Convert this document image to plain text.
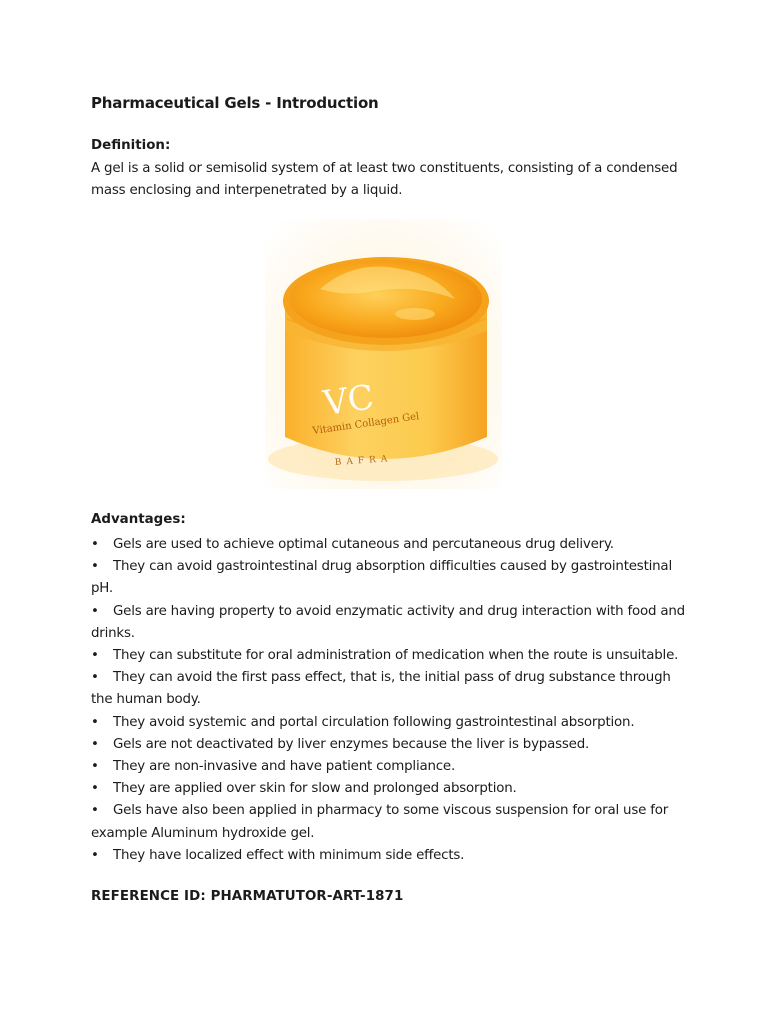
Pharmaceutical Gels - Introduction
Definition:
A gel is a solid or semisolid system of at least two constituents, consisting of a condensed mass enclosing and interpenetrated by a liquid.
VC
Vitamin Collagen Gel
BAFRA
Advantages:
• Gels are used to achieve optimal cutaneous and percutaneous drug delivery.
• They can avoid gastrointestinal drug absorption difficulties caused by gastrointestinal pH.
• Gels are having property to avoid enzymatic activity and drug interaction with food and drinks.
• They can substitute for oral administration of medication when the route is unsuitable.
• They can avoid the first pass effect, that is, the initial pass of drug substance through the human body.
• They avoid systemic and portal circulation following gastrointestinal absorption.
• Gels are not deactivated by liver enzymes because the liver is bypassed.
• They are non-invasive and have patient compliance.
• They are applied over skin for slow and prolonged absorption.
• Gels have also been applied in pharmacy to some viscous suspension for oral use for example Aluminum hydroxide gel.
• They have localized effect with minimum side effects.
REFERENCE ID: PHARMATUTOR-ART-1871
